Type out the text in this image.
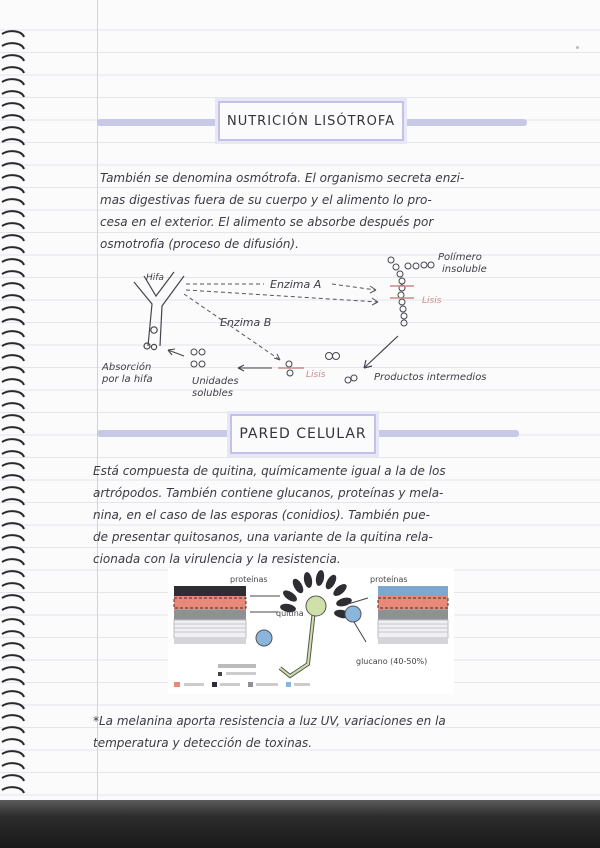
NUTRICIÓN LISÓTROFA

También se denomina osmótrofa. El organismo secreta enzi-

mas digestivas fuera de su cuerpo y el alimento lo pro-

cesa en el exterior. El alimento se absorbe después por

osmotrofía (proceso de difusión).

Hifa	Enzima A
Enzima B
Polímero
insoluble
Lisis
Productos intermedios
Lisis
Unidades
solubles
Absorción
por la hifa
PARED CELULAR

Está compuesta de quitina, químicamente igual a la de los

artrópodos. También contiene glucanos, proteínas y mela-

nina, en el caso de las esporas (conidios). También pue-

de presentar quitosanos, una variante de la quitina rela-

cionada con la virulencia y la resistencia.

proteínas	proteínas
quitina
glucano (40-50%)

*La melanina aporta resistencia a luz UV, variaciones en la

temperatura y detección de toxinas.
